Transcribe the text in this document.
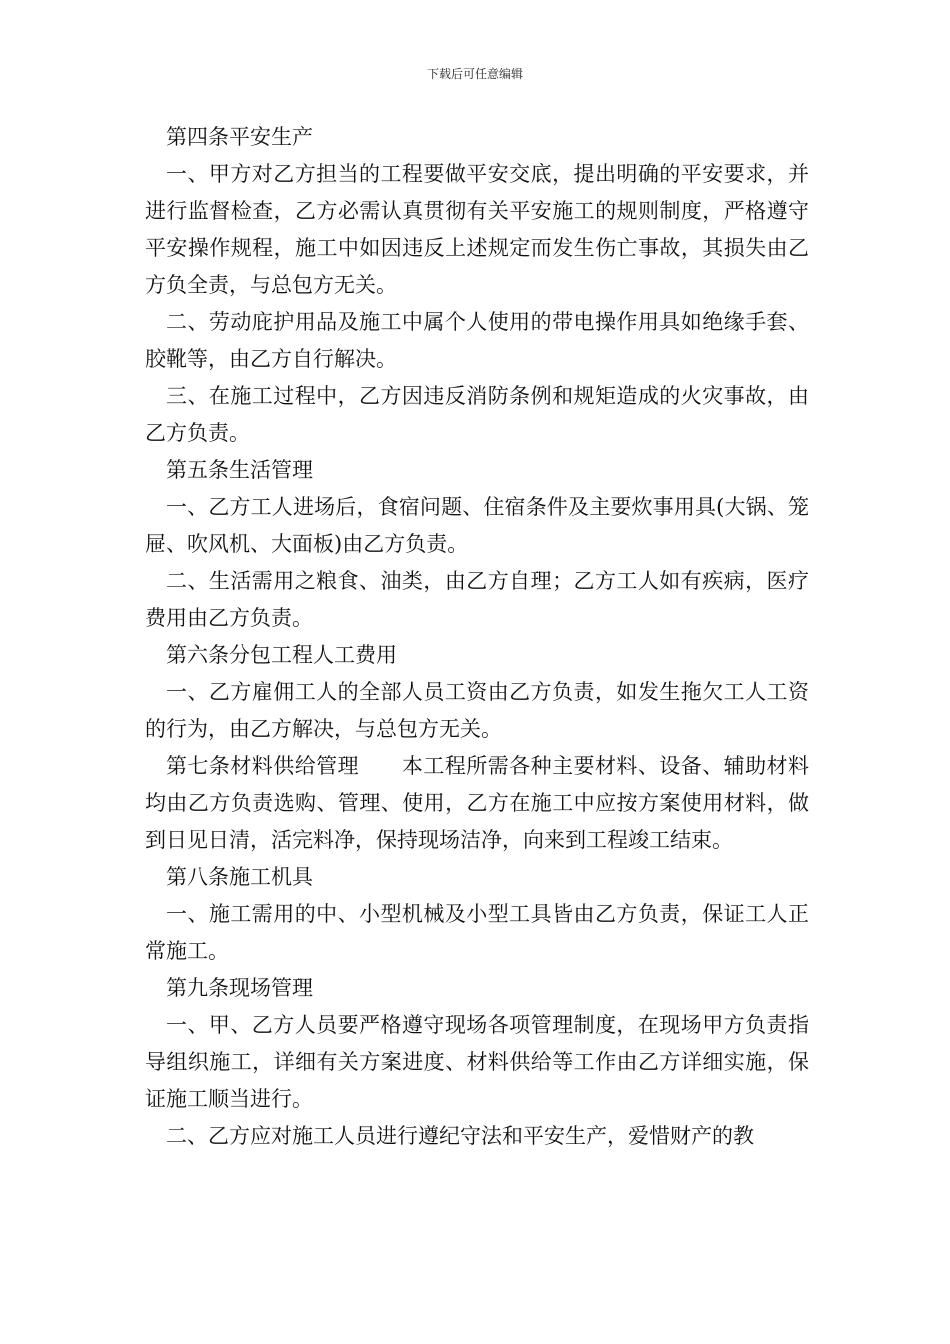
下载后可任意编辑

第四条平安生产

一、甲方对乙方担当的工程要做平安交底，提出明确的平安要求，并进行监督检查，乙方必需认真贯彻有关平安施工的规则制度，严格遵守平安操作规程，施工中如因违反上述规定而发生伤亡事故，其损失由乙方负全责，与总包方无关。

二、劳动庇护用品及施工中属个人使用的带电操作用具如绝缘手套、胶靴等，由乙方自行解决。

三、在施工过程中，乙方因违反消防条例和规矩造成的火灾事故，由乙方负责。

第五条生活管理

一、乙方工人进场后，食宿问题、住宿条件及主要炊事用具(大锅、笼屉、吹风机、大面板)由乙方负责。

二、生活需用之粮食、油类，由乙方自理；乙方工人如有疾病，医疗费用由乙方负责。

第六条分包工程人工费用

一、乙方雇佣工人的全部人员工资由乙方负责，如发生拖欠工人工资的行为，由乙方解决，与总包方无关。

第七条材料供给管理　　本工程所需各种主要材料、设备、辅助材料均由乙方负责选购、管理、使用，乙方在施工中应按方案使用材料，做到日见日清，活完料净，保持现场洁净，向来到工程竣工结束。

第八条施工机具

一、施工需用的中、小型机械及小型工具皆由乙方负责，保证工人正常施工。

第九条现场管理

一、甲、乙方人员要严格遵守现场各项管理制度，在现场甲方负责指导组织施工，详细有关方案进度、材料供给等工作由乙方详细实施，保证施工顺当进行。

二、乙方应对施工人员进行遵纪守法和平安生产，爱惜财产的教
